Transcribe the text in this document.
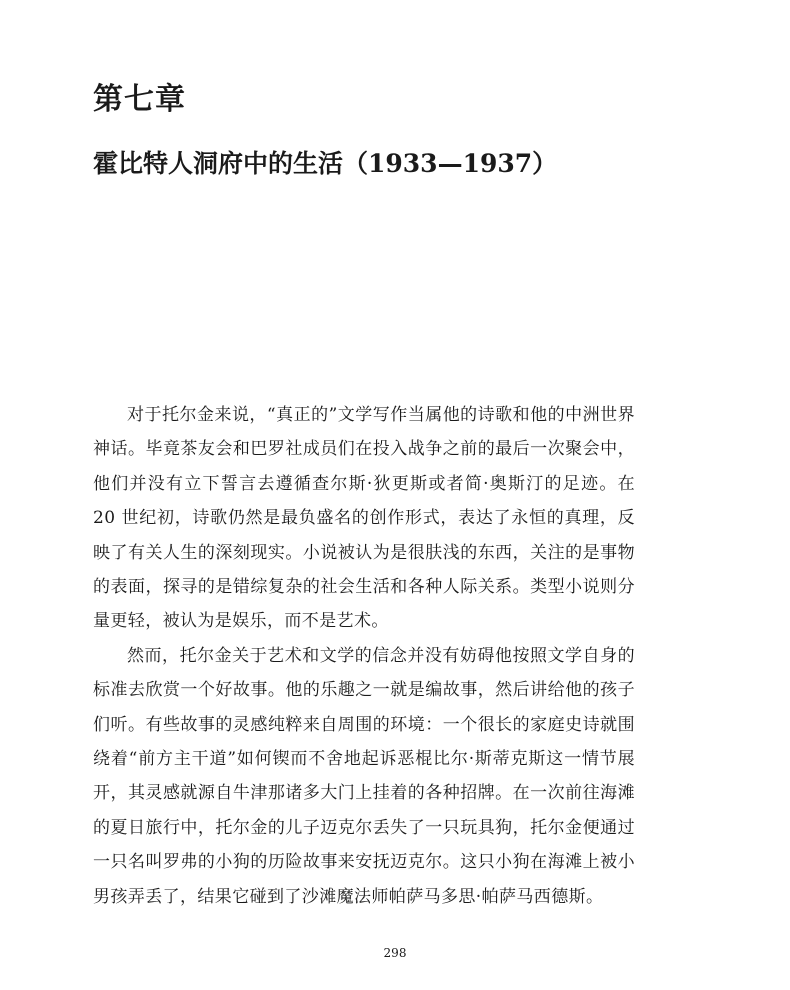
第七章
霍比特人洞府中的生活（1933—1937）

对于托尔金来说，“真正的”文学写作当属他的诗歌和他的中洲世界神话。毕竟茶友会和巴罗社成员们在投入战争之前的最后一次聚会中，他们并没有立下誓言去遵循查尔斯·狄更斯或者简·奥斯汀的足迹。在 20 世纪初，诗歌仍然是最负盛名的创作形式，表达了永恒的真理，反映了有关人生的深刻现实。小说被认为是很肤浅的东西，关注的是事物的表面，探寻的是错综复杂的社会生活和各种人际关系。类型小说则分量更轻，被认为是娱乐，而不是艺术。

然而，托尔金关于艺术和文学的信念并没有妨碍他按照文学自身的标准去欣赏一个好故事。他的乐趣之一就是编故事，然后讲给他的孩子们听。有些故事的灵感纯粹来自周围的环境：一个很长的家庭史诗就围绕着“前方主干道”如何锲而不舍地起诉恶棍比尔·斯蒂克斯这一情节展开，其灵感就源自牛津那诸多大门上挂着的各种招牌。在一次前往海滩的夏日旅行中，托尔金的儿子迈克尔丢失了一只玩具狗，托尔金便通过一只名叫罗弗的小狗的历险故事来安抚迈克尔。这只小狗在海滩上被小男孩弄丢了，结果它碰到了沙滩魔法师帕萨马多思·帕萨马西德斯。

298
